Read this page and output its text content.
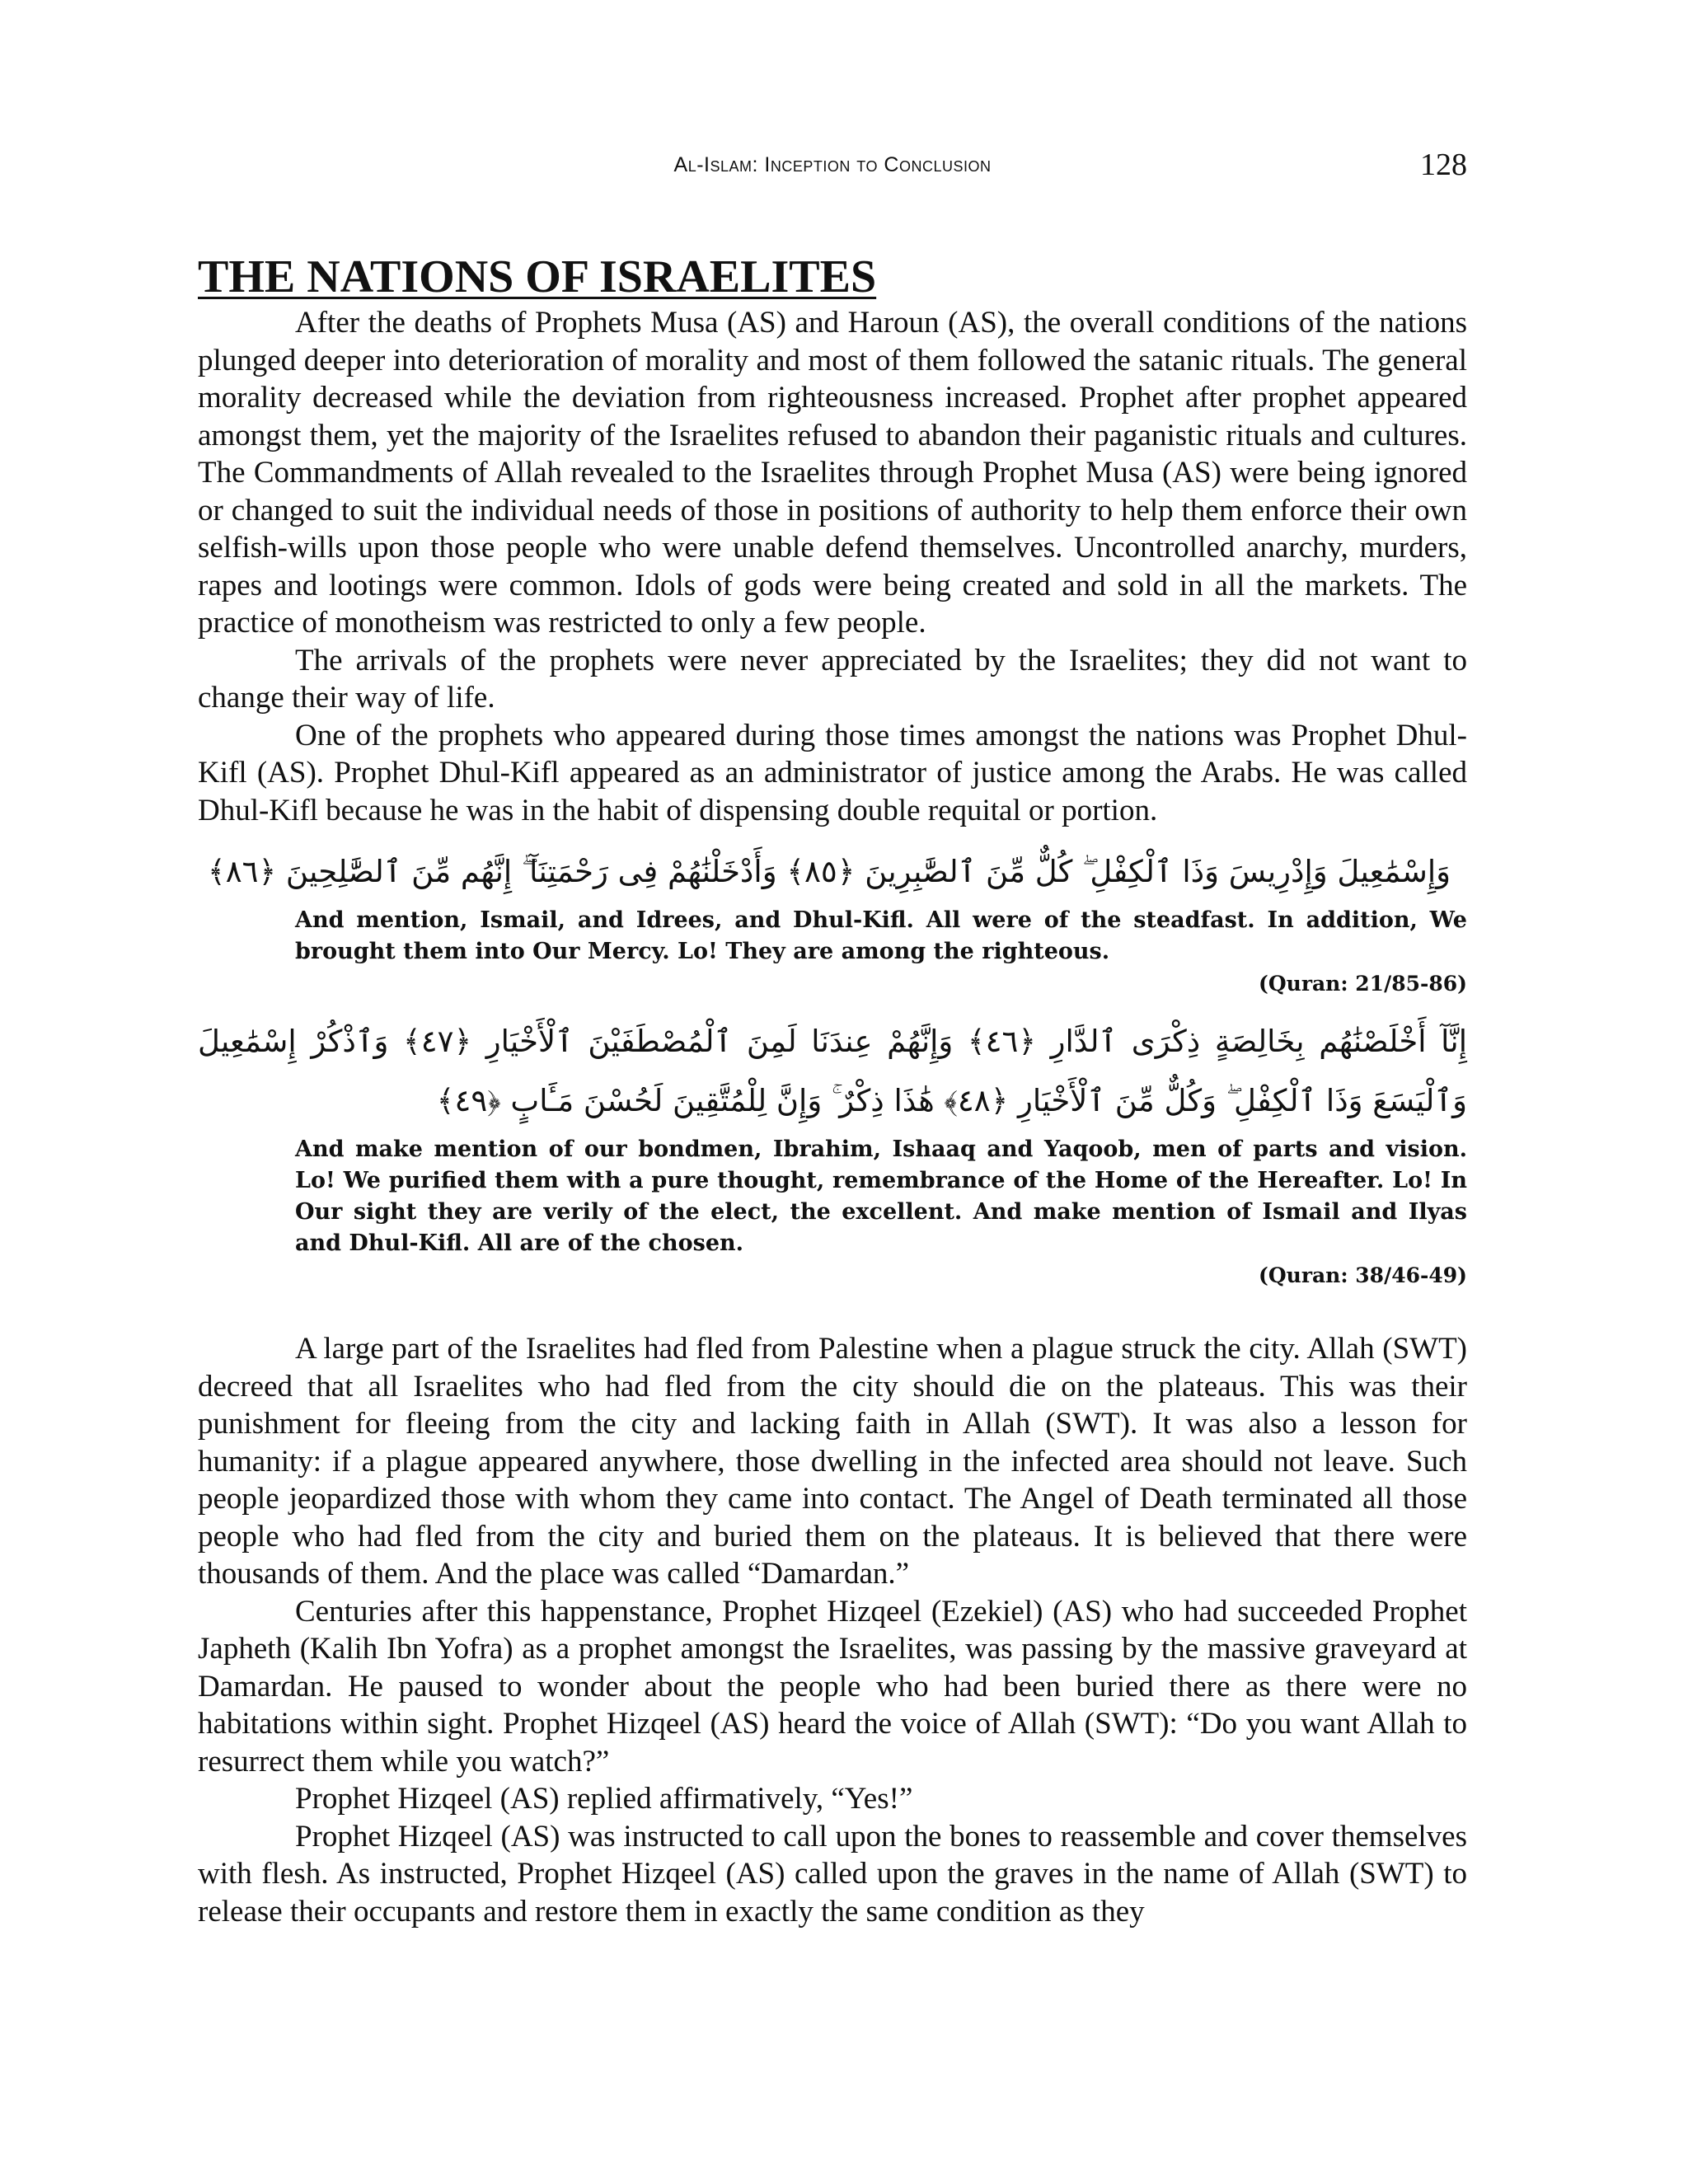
Al-Islam: Inception to Conclusion	128
THE NATIONS OF ISRAELITES

After the deaths of Prophets Musa (AS) and Haroun (AS), the overall conditions of the nations plunged deeper into deterioration of morality and most of them followed the satanic rituals. The general morality decreased while the deviation from righteousness increased. Prophet after prophet appeared amongst them, yet the majority of the Israelites refused to abandon their paganistic rituals and cultures. The Commandments of Allah revealed to the Israelites through Prophet Musa (AS) were being ignored or changed to suit the individual needs of those in positions of authority to help them enforce their own selfish-wills upon those people who were unable defend themselves. Uncontrolled anarchy, murders, rapes and lootings were common. Idols of gods were being created and sold in all the markets. The practice of monotheism was restricted to only a few people.

The arrivals of the prophets were never appreciated by the Israelites; they did not want to change their way of life.

One of the prophets who appeared during those times amongst the nations was Prophet Dhul-Kifl (AS). Prophet Dhul-Kifl appeared as an administrator of justice among the Arabs. He was called Dhul-Kifl because he was in the habit of dispensing double requital or portion.

وَإِسْمَٰعِيلَ وَإِدْرِيسَ وَذَا ٱلْكِفْلِ ۖ كُلٌّ مِّنَ ٱلصَّٰبِرِينَ ﴿٨٥﴾ وَأَدْخَلْنَٰهُمْ فِى رَحْمَتِنَآ ۖ إِنَّهُم مِّنَ ٱلصَّٰلِحِينَ ﴿٨٦﴾
And mention, Ismail, and Idrees, and Dhul-Kifl. All were of the steadfast. In addition, We brought them into Our Mercy. Lo! They are among the righteous.
(Quran: 21/85-86)
إِنَّآ أَخْلَصْنَٰهُم بِخَالِصَةٍ ذِكْرَى ٱلدَّارِ ﴿٤٦﴾ وَإِنَّهُمْ عِندَنَا لَمِنَ ٱلْمُصْطَفَيْنَ ٱلْأَخْيَارِ ﴿٤٧﴾ وَٱذْكُرْ إِسْمَٰعِيلَ وَٱلْيَسَعَ وَذَا ٱلْكِفْلِ ۖ وَكُلٌّ مِّنَ ٱلْأَخْيَارِ ﴿٤٨﴾ هَٰذَا ذِكْرٌ ۚ وَإِنَّ لِلْمُتَّقِينَ لَحُسْنَ مَـَٔابٍ ﴿٤٩﴾
And make mention of our bondmen, Ibrahim, Ishaaq and Yaqoob, men of parts and vision. Lo! We purified them with a pure thought, remembrance of the Home of the Hereafter. Lo! In Our sight they are verily of the elect, the excellent. And make mention of Ismail and Ilyas and Dhul-Kifl. All are of the chosen.
(Quran: 38/46-49)

A large part of the Israelites had fled from Palestine when a plague struck the city. Allah (SWT) decreed that all Israelites who had fled from the city should die on the plateaus. This was their punishment for fleeing from the city and lacking faith in Allah (SWT). It was also a lesson for humanity: if a plague appeared anywhere, those dwelling in the infected area should not leave. Such people jeopardized those with whom they came into contact. The Angel of Death terminated all those people who had fled from the city and buried them on the plateaus. It is believed that there were thousands of them. And the place was called “Damardan.”

Centuries after this happenstance, Prophet Hizqeel (Ezekiel) (AS) who had succeeded Prophet Japheth (Kalih Ibn Yofra) as a prophet amongst the Israelites, was passing by the massive graveyard at Damardan. He paused to wonder about the people who had been buried there as there were no habitations within sight. Prophet Hizqeel (AS) heard the voice of Allah (SWT): “Do you want Allah to resurrect them while you watch?”

Prophet Hizqeel (AS) replied affirmatively, “Yes!”

Prophet Hizqeel (AS) was instructed to call upon the bones to reassemble and cover themselves with flesh. As instructed, Prophet Hizqeel (AS) called upon the graves in the name of Allah (SWT) to release their occupants and restore them in exactly the same condition as they
